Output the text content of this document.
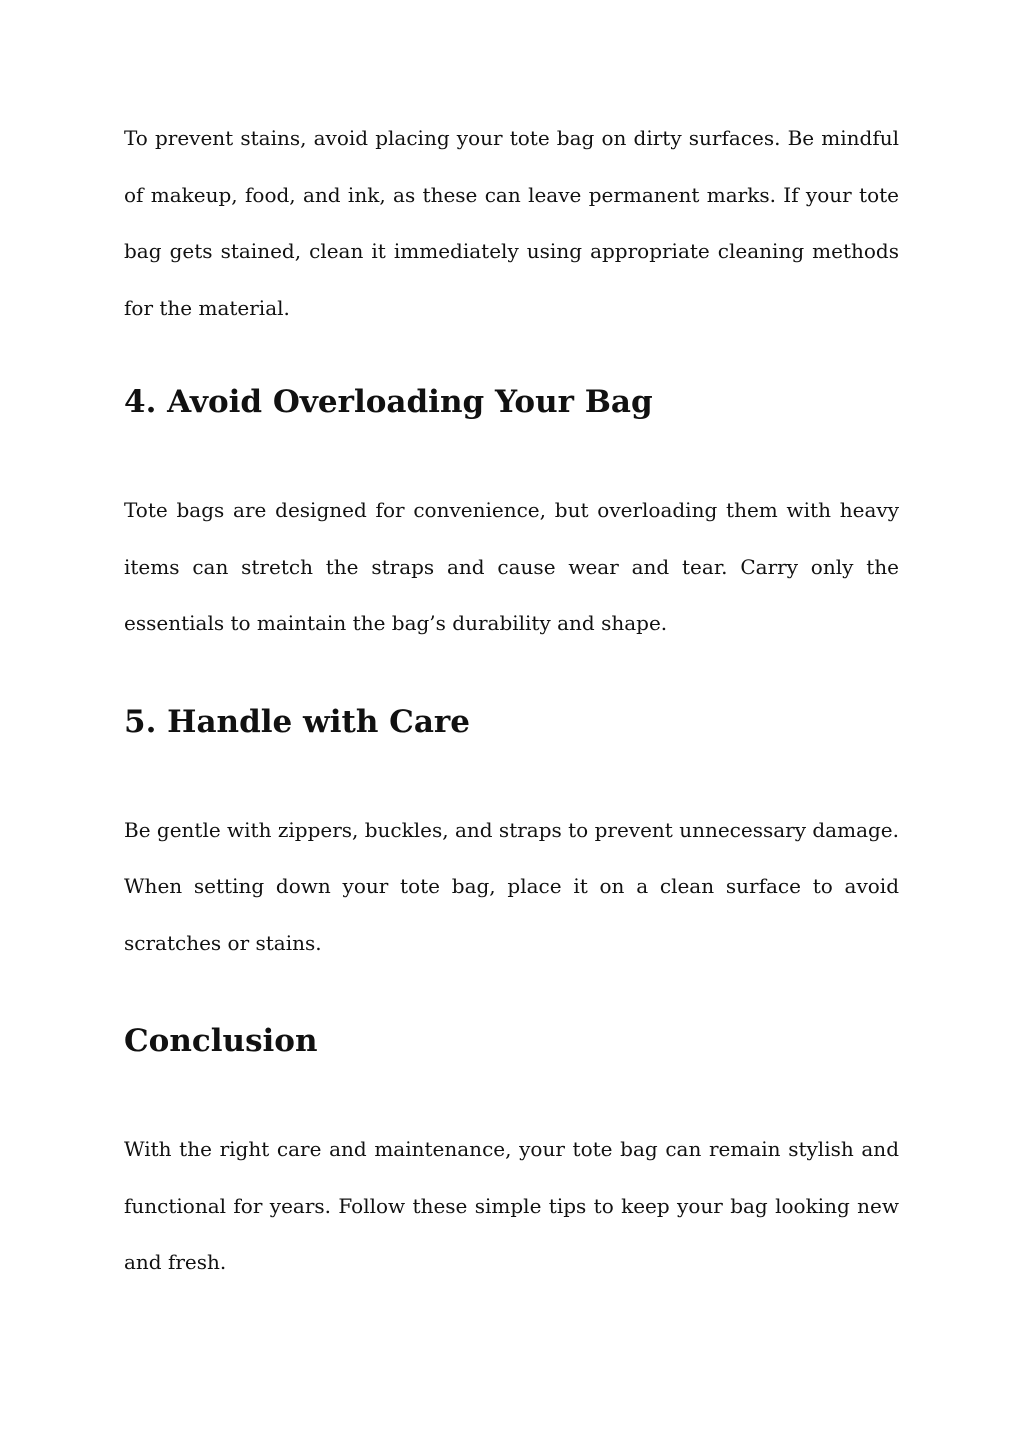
To prevent stains, avoid placing your tote bag on dirty surfaces. Be mindful of makeup, food, and ink, as these can leave permanent marks. If your tote bag gets stained, clean it immediately using appropriate cleaning methods for the material.

4. Avoid Overloading Your Bag

Tote bags are designed for convenience, but overloading them with heavy items can stretch the straps and cause wear and tear. Carry only the essentials to maintain the bag’s durability and shape.

5. Handle with Care

Be gentle with zippers, buckles, and straps to prevent unnecessary damage. When setting down your tote bag, place it on a clean surface to avoid scratches or stains.

Conclusion

With the right care and maintenance, your tote bag can remain stylish and functional for years. Follow these simple tips to keep your bag looking new and fresh.
